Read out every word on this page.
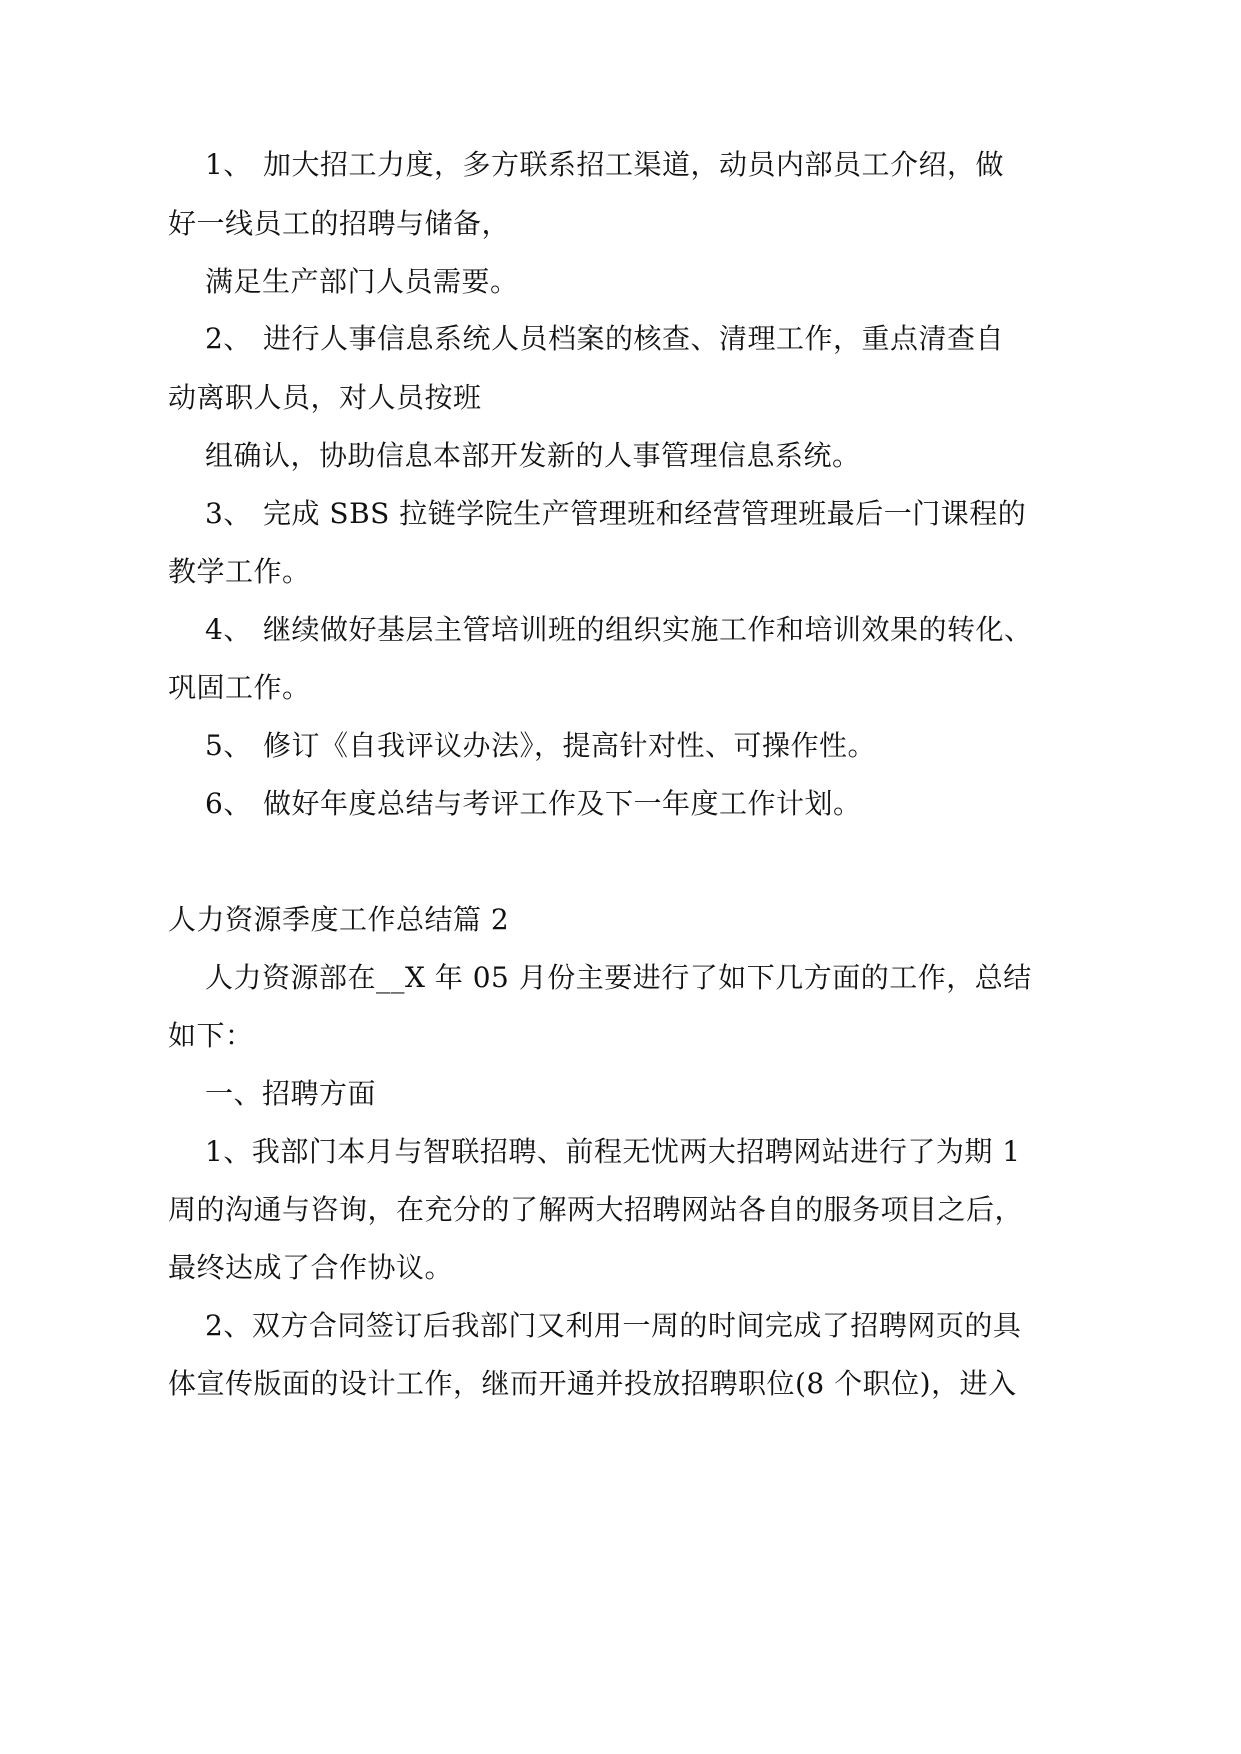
1、 加大招工力度，多方联系招工渠道，动员内部员工介绍，做
好一线员工的招聘与储备，
满足生产部门人员需要。
2、 进行人事信息系统人员档案的核查、清理工作，重点清查自
动离职人员，对人员按班
组确认，协助信息本部开发新的人事管理信息系统。
3、 完成 SBS 拉链学院生产管理班和经营管理班最后一门课程的
教学工作。
4、 继续做好基层主管培训班的组织实施工作和培训效果的转化、
巩固工作。
5、 修订《自我评议办法》，提高针对性、可操作性。
6、 做好年度总结与考评工作及下一年度工作计划。
人力资源季度工作总结篇 2
人力资源部在__X 年 05 月份主要进行了如下几方面的工作，总结
如下：
一、招聘方面
1、我部门本月与智联招聘、前程无忧两大招聘网站进行了为期 1
周的沟通与咨询，在充分的了解两大招聘网站各自的服务项目之后，
最终达成了合作协议。
2、双方合同签订后我部门又利用一周的时间完成了招聘网页的具
体宣传版面的设计工作，继而开通并投放招聘职位(8 个职位)，进入
